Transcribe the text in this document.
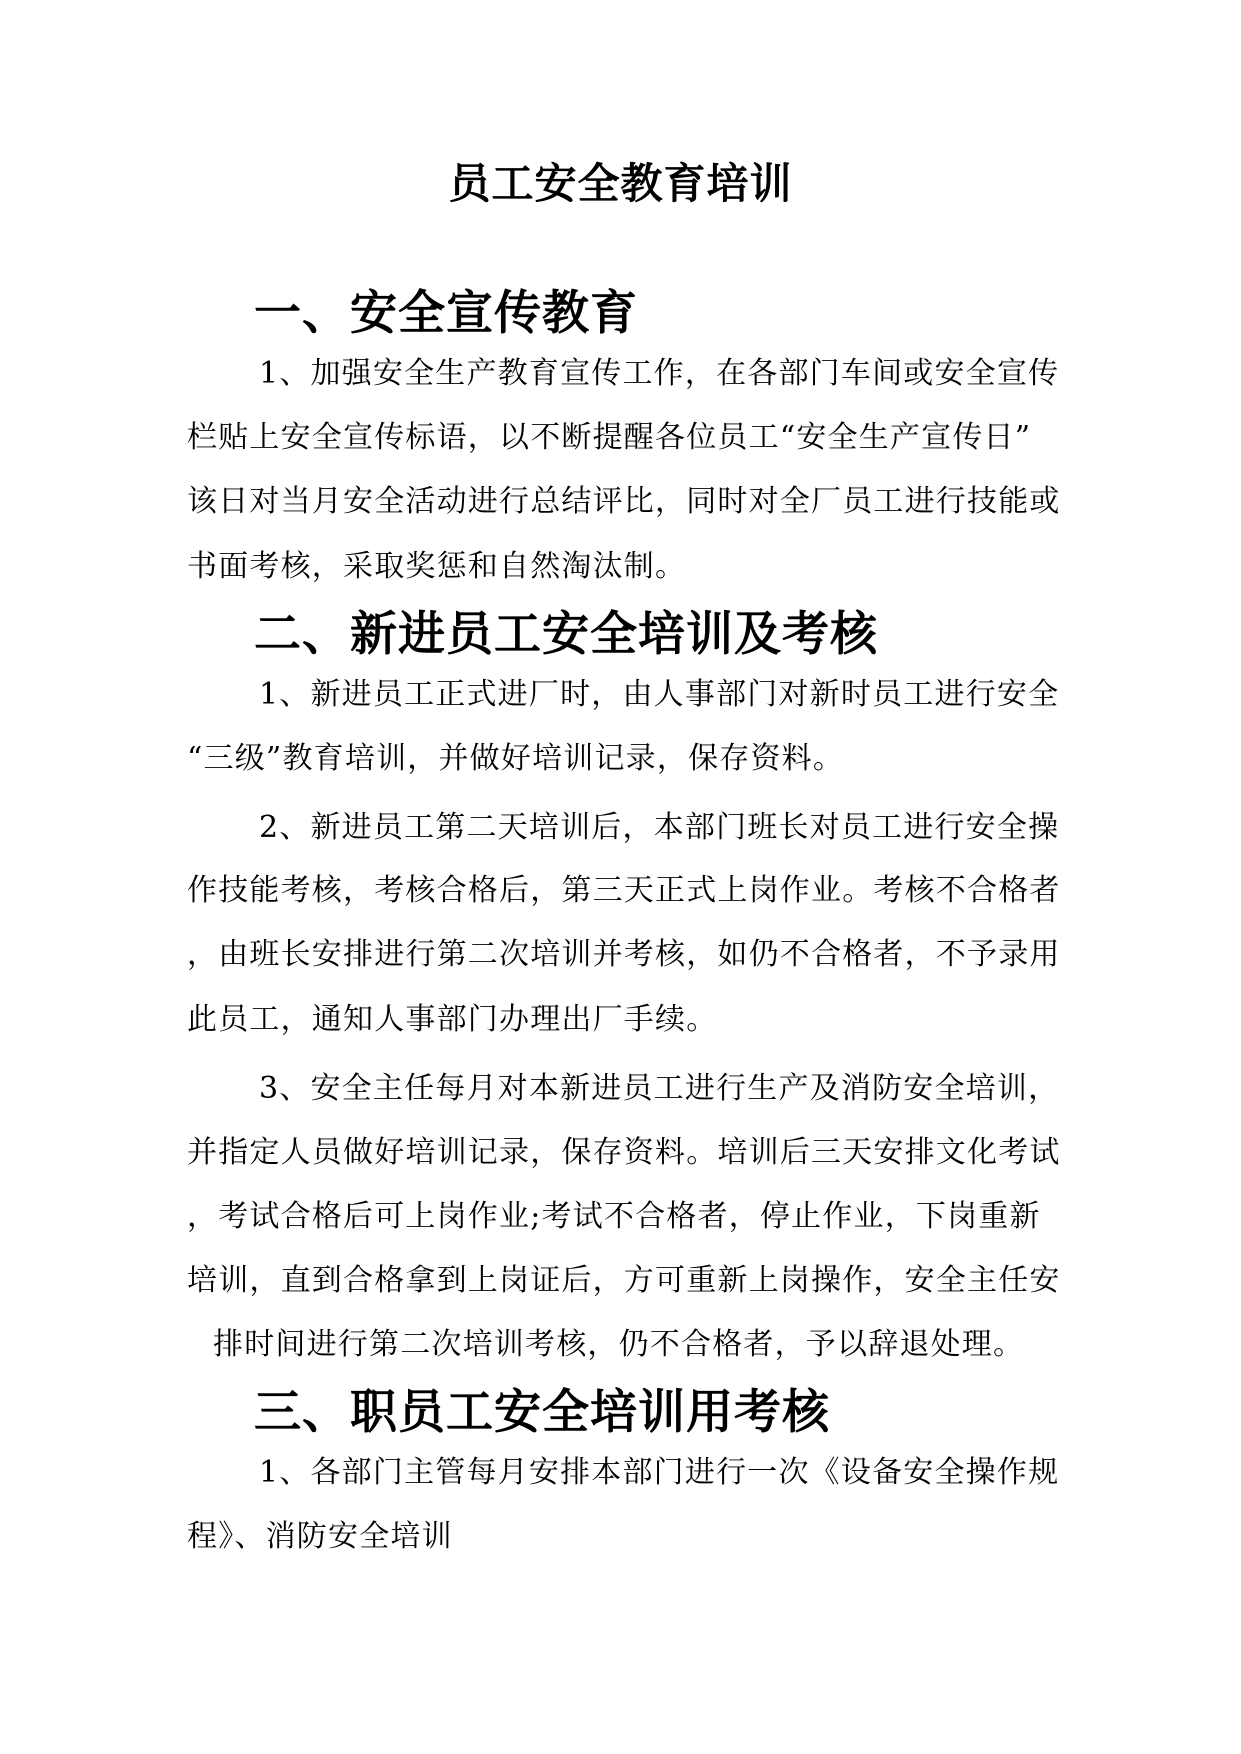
员工安全教育培训
一、安全宣传教育
1、加强安全生产教育宣传工作，在各部门车间或安全宣传
栏贴上安全宣传标语，以不断提醒各位员工“安全生产宣传日”
该日对当月安全活动进行总结评比，同时对全厂员工进行技能或
书面考核，采取奖惩和自然淘汰制。
二、新进员工安全培训及考核
1、新进员工正式进厂时，由人事部门对新时员工进行安全
“三级”教育培训，并做好培训记录，保存资料。
2、新进员工第二天培训后，本部门班长对员工进行安全操
作技能考核，考核合格后，第三天正式上岗作业。考核不合格者
，由班长安排进行第二次培训并考核，如仍不合格者，不予录用
此员工，通知人事部门办理出厂手续。
3、安全主任每月对本新进员工进行生产及消防安全培训，
并指定人员做好培训记录，保存资料。培训后三天安排文化考试
，考试合格后可上岗作业;考试不合格者，停止作业，下岗重新
培训，直到合格拿到上岗证后，方可重新上岗操作，安全主任安
排时间进行第二次培训考核，仍不合格者，予以辞退处理。
三、职员工安全培训用考核
1、各部门主管每月安排本部门进行一次《设备安全操作规
程》、消防安全培训
